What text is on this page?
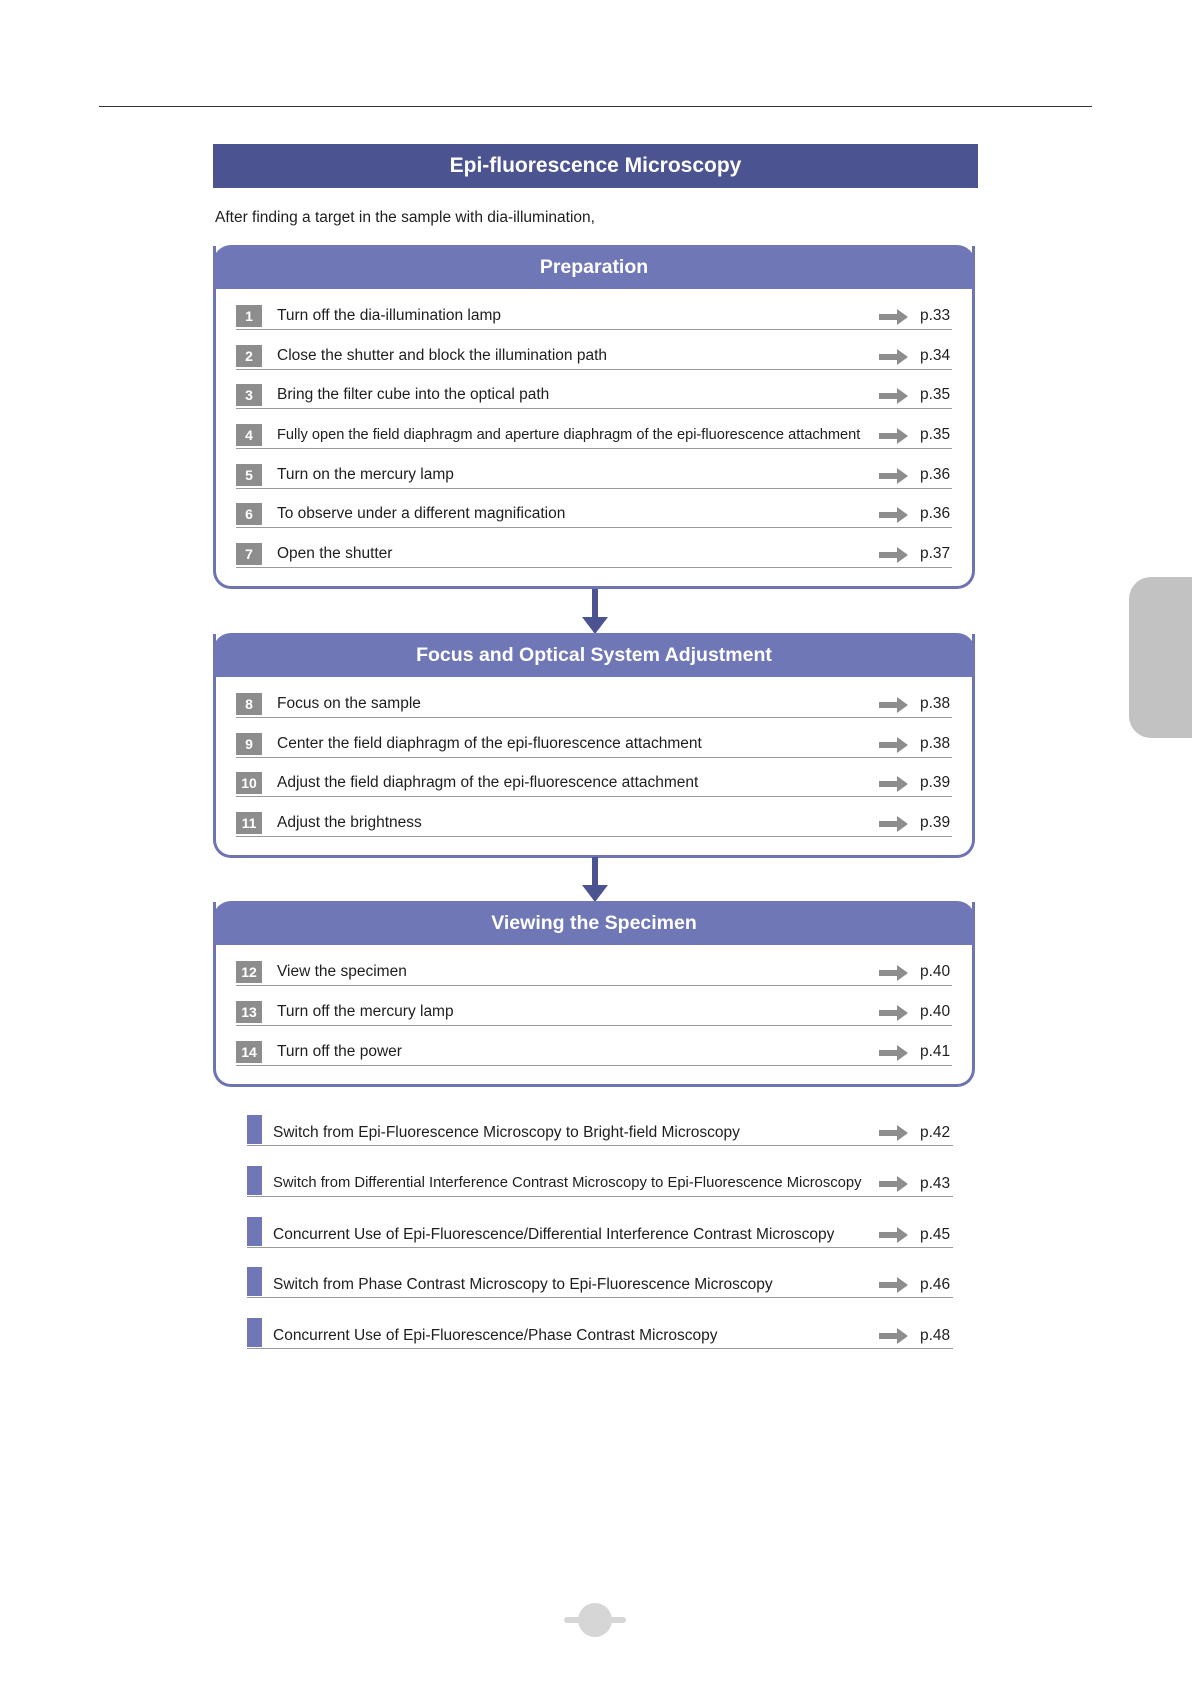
Epi-fluorescence Microscopy
After finding a target in the sample with dia-illumination,
Preparation
1	Turn off the dia-illumination lamp	p.33
2	Close the shutter and block the illumination path	p.34
3	Bring the filter cube into the optical path	p.35
4	Fully open the field diaphragm and aperture diaphragm of the epi-fluorescence attachment	p.35
5	Turn on the mercury lamp	p.36
6	To observe under a different magnification	p.36
7	Open the shutter	p.37
Focus and Optical System Adjustment
8	Focus on the sample	p.38
9	Center the field diaphragm of the epi-fluorescence attachment	p.38
10	Adjust the field diaphragm of the epi-fluorescence attachment	p.39
11	Adjust the brightness	p.39
Viewing the Specimen
12	View the specimen	p.40
13	Turn off the mercury lamp	p.40
14	Turn off the power	p.41
Switch from Epi-Fluorescence Microscopy to Bright-field Microscopy	p.42
Switch from Differential Interference Contrast Microscopy to Epi-Fluorescence Microscopy	p.43
Concurrent Use of Epi-Fluorescence/Differential Interference Contrast Microscopy	p.45
Switch from Phase Contrast Microscopy to Epi-Fluorescence Microscopy	p.46
Concurrent Use of Epi-Fluorescence/Phase Contrast Microscopy	p.48
